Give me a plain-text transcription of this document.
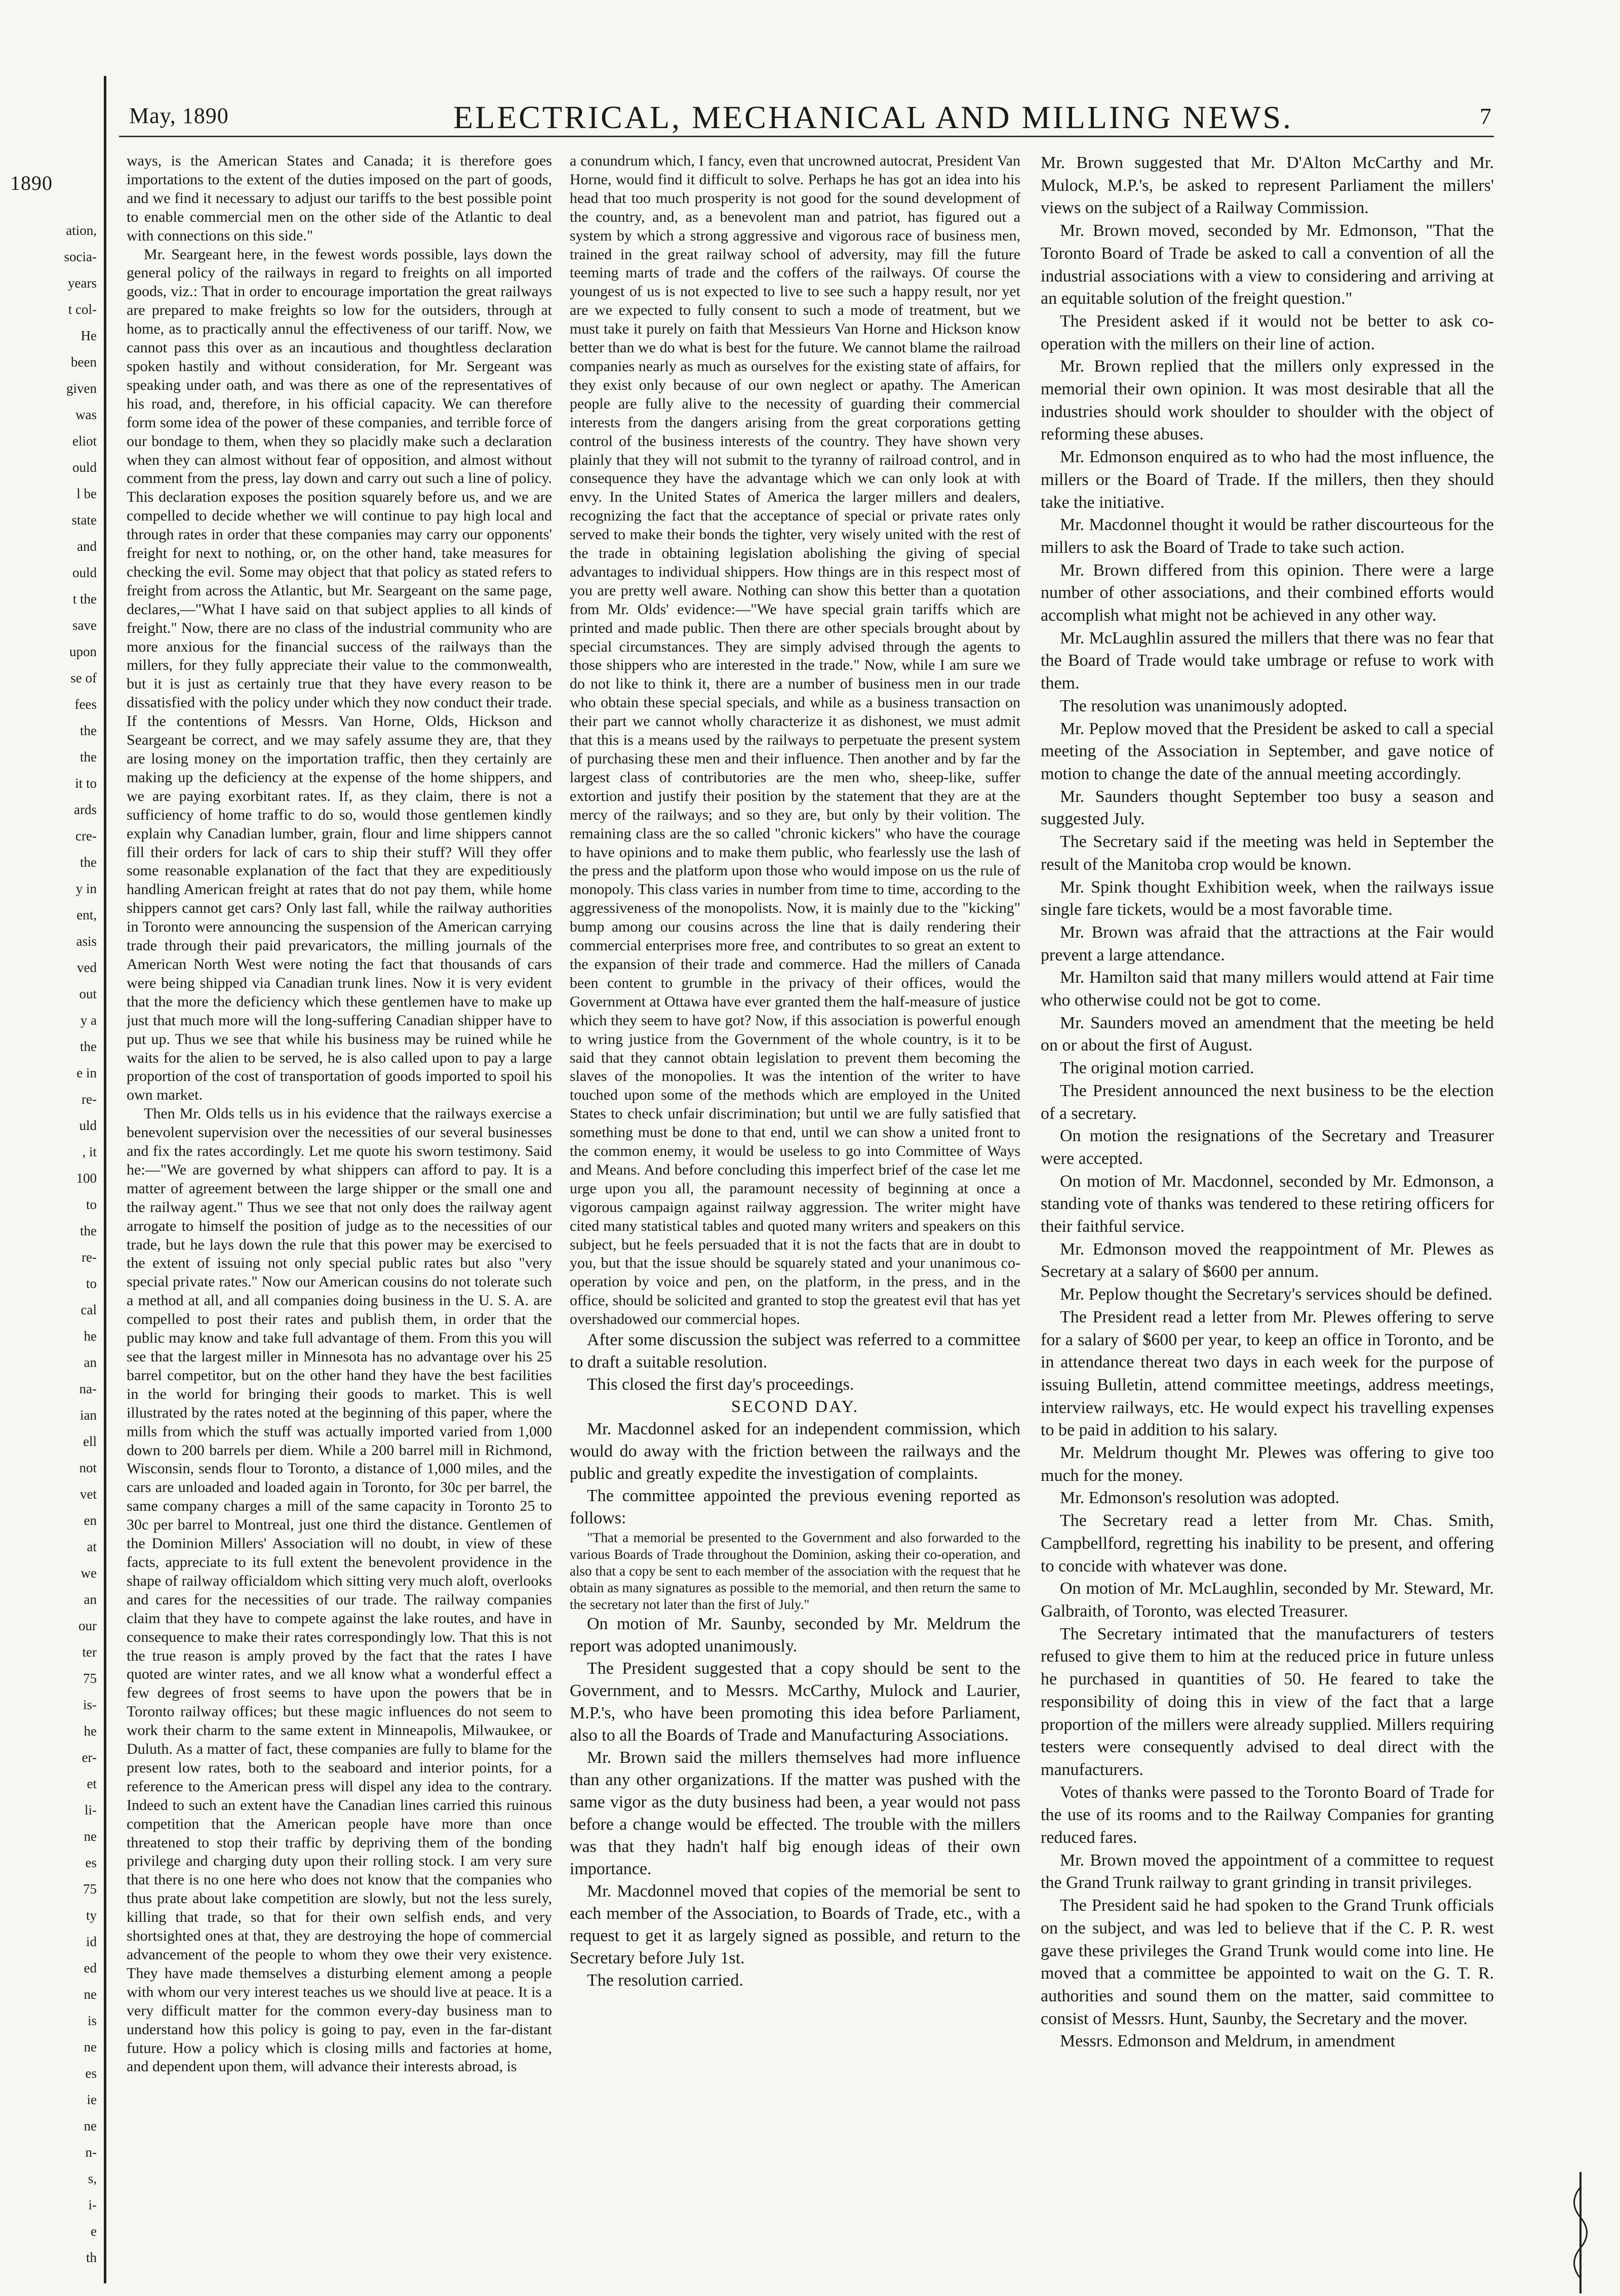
1890
ation,
socia-
years
t col-
He
been
given
was
eliot
ould
l be
state
and
ould
t the
save
upon
se of
fees
the
the
it to
ards
cre-
the
y in
ent,
asis
ved
out
y a
the
e in
re-
uld
, it
100
to
the
re-
to
cal
he
an
na-
ian
ell
not
vet
en
at
we
an
our
ter
75
is-
he
er-
et
li-
ne
es
75
ty
id
ed
ne
is
ne
es
ie
ne
n-
s,
i-
e
th
May, 1890	ELECTRICAL, MECHANICAL AND MILLING NEWS.	7

ways, is the American States and Canada; it is therefore goes importations to the extent of the duties imposed on the part of goods, and we find it necessary to adjust our tariffs to the best possible point to enable commercial men on the other side of the Atlantic to deal with connections on this side."

Mr. Seargeant here, in the fewest words possible, lays down the general policy of the railways in regard to freights on all imported goods, viz.: That in order to encourage importation the great railways are prepared to make freights so low for the outsiders, through at home, as to practically annul the effectiveness of our tariff. Now, we cannot pass this over as an incautious and thoughtless declaration spoken hastily and without consideration, for Mr. Sergeant was speaking under oath, and was there as one of the representatives of his road, and, therefore, in his official capacity. We can therefore form some idea of the power of these companies, and terrible force of our bondage to them, when they so placidly make such a declaration when they can almost without fear of opposition, and almost without comment from the press, lay down and carry out such a line of policy. This declaration exposes the position squarely before us, and we are compelled to decide whether we will continue to pay high local and through rates in order that these companies may carry our opponents' freight for next to nothing, or, on the other hand, take measures for checking the evil. Some may object that that policy as stated refers to freight from across the Atlantic, but Mr. Seargeant on the same page, declares,—"What I have said on that subject applies to all kinds of freight." Now, there are no class of the industrial community who are more anxious for the financial success of the railways than the millers, for they fully appreciate their value to the commonwealth, but it is just as certainly true that they have every reason to be dissatisfied with the policy under which they now conduct their trade. If the contentions of Messrs. Van Horne, Olds, Hickson and Seargeant be correct, and we may safely assume they are, that they are losing money on the importation traffic, then they certainly are making up the deficiency at the expense of the home shippers, and we are paying exorbitant rates. If, as they claim, there is not a sufficiency of home traffic to do so, would those gentlemen kindly explain why Canadian lumber, grain, flour and lime shippers cannot fill their orders for lack of cars to ship their stuff? Will they offer some reasonable explanation of the fact that they are expeditiously handling American freight at rates that do not pay them, while home shippers cannot get cars? Only last fall, while the railway authorities in Toronto were announcing the suspension of the American carrying trade through their paid prevaricators, the milling journals of the American North West were noting the fact that thousands of cars were being shipped via Canadian trunk lines. Now it is very evident that the more the deficiency which these gentlemen have to make up just that much more will the long-suffering Canadian shipper have to put up. Thus we see that while his business may be ruined while he waits for the alien to be served, he is also called upon to pay a large proportion of the cost of transportation of goods imported to spoil his own market.

Then Mr. Olds tells us in his evidence that the railways exercise a benevolent supervision over the necessities of our several businesses and fix the rates accordingly. Let me quote his sworn testimony. Said he:—"We are governed by what shippers can afford to pay. It is a matter of agreement between the large shipper or the small one and the railway agent." Thus we see that not only does the railway agent arrogate to himself the position of judge as to the necessities of our trade, but he lays down the rule that this power may be exercised to the extent of issuing not only special public rates but also "very special private rates." Now our American cousins do not tolerate such a method at all, and all companies doing business in the U. S. A. are compelled to post their rates and publish them, in order that the public may know and take full advantage of them. From this you will see that the largest miller in Minnesota has no advantage over his 25 barrel competitor, but on the other hand they have the best facilities in the world for bringing their goods to market. This is well illustrated by the rates noted at the beginning of this paper, where the mills from which the stuff was actually imported varied from 1,000 down to 200 barrels per diem. While a 200 barrel mill in Richmond, Wisconsin, sends flour to Toronto, a distance of 1,000 miles, and the cars are unloaded and loaded again in Toronto, for 30c per barrel, the same company charges a mill of the same capacity in Toronto 25 to 30c per barrel to Montreal, just one third the distance. Gentlemen of the Dominion Millers' Association will no doubt, in view of these facts, appreciate to its full extent the benevolent providence in the shape of railway officialdom which sitting very much aloft, overlooks and cares for the necessities of our trade. The railway companies claim that they have to compete against the lake routes, and have in consequence to make their rates correspondingly low. That this is not the true reason is amply proved by the fact that the rates I have quoted are winter rates, and we all know what a wonderful effect a few degrees of frost seems to have upon the powers that be in Toronto railway offices; but these magic influences do not seem to work their charm to the same extent in Minneapolis, Milwaukee, or Duluth. As a matter of fact, these companies are fully to blame for the present low rates, both to the seaboard and interior points, for a reference to the American press will dispel any idea to the contrary. Indeed to such an extent have the Canadian lines carried this ruinous competition that the American people have more than once threatened to stop their traffic by depriving them of the bonding privilege and charging duty upon their rolling stock. I am very sure that there is no one here who does not know that the companies who thus prate about lake competition are slowly, but not the less surely, killing that trade, so that for their own selfish ends, and very shortsighted ones at that, they are destroying the hope of commercial advancement of the people to whom they owe their very existence. They have made themselves a disturbing element among a people with whom our very interest teaches us we should live at peace. It is a very difficult matter for the common every-day business man to understand how this policy is going to pay, even in the far-distant future. How a policy which is closing mills and factories at home, and dependent upon them, will advance their interests abroad, is

a conundrum which, I fancy, even that uncrowned autocrat, President Van Horne, would find it difficult to solve. Perhaps he has got an idea into his head that too much prosperity is not good for the sound development of the country, and, as a benevolent man and patriot, has figured out a system by which a strong aggressive and vigorous race of business men, trained in the great railway school of adversity, may fill the future teeming marts of trade and the coffers of the railways. Of course the youngest of us is not expected to live to see such a happy result, nor yet are we expected to fully consent to such a mode of treatment, but we must take it purely on faith that Messieurs Van Horne and Hickson know better than we do what is best for the future. We cannot blame the railroad companies nearly as much as ourselves for the existing state of affairs, for they exist only because of our own neglect or apathy. The American people are fully alive to the necessity of guarding their commercial interests from the dangers arising from the great corporations getting control of the business interests of the country. They have shown very plainly that they will not submit to the tyranny of railroad control, and in consequence they have the advantage which we can only look at with envy. In the United States of America the larger millers and dealers, recognizing the fact that the acceptance of special or private rates only served to make their bonds the tighter, very wisely united with the rest of the trade in obtaining legislation abolishing the giving of special advantages to individual shippers. How things are in this respect most of you are pretty well aware. Nothing can show this better than a quotation from Mr. Olds' evidence:—"We have special grain tariffs which are printed and made public. Then there are other specials brought about by special circumstances. They are simply advised through the agents to those shippers who are interested in the trade." Now, while I am sure we do not like to think it, there are a number of business men in our trade who obtain these special specials, and while as a business transaction on their part we cannot wholly characterize it as dishonest, we must admit that this is a means used by the railways to perpetuate the present system of purchasing these men and their influence. Then another and by far the largest class of contributories are the men who, sheep-like, suffer extortion and justify their position by the statement that they are at the mercy of the railways; and so they are, but only by their volition. The remaining class are the so called "chronic kickers" who have the courage to have opinions and to make them public, who fearlessly use the lash of the press and the platform upon those who would impose on us the rule of monopoly. This class varies in number from time to time, according to the aggressiveness of the monopolists. Now, it is mainly due to the "kicking" bump among our cousins across the line that is daily rendering their commercial enterprises more free, and contributes to so great an extent to the expansion of their trade and commerce. Had the millers of Canada been content to grumble in the privacy of their offices, would the Government at Ottawa have ever granted them the half-measure of justice which they seem to have got? Now, if this association is powerful enough to wring justice from the Government of the whole country, is it to be said that they cannot obtain legislation to prevent them becoming the slaves of the monopolies. It was the intention of the writer to have touched upon some of the methods which are employed in the United States to check unfair discrimination; but until we are fully satisfied that something must be done to that end, until we can show a united front to the common enemy, it would be useless to go into Committee of Ways and Means. And before concluding this imperfect brief of the case let me urge upon you all, the paramount necessity of beginning at once a vigorous campaign against railway aggression. The writer might have cited many statistical tables and quoted many writers and speakers on this subject, but he feels persuaded that it is not the facts that are in doubt to you, but that the issue should be squarely stated and your unanimous co-operation by voice and pen, on the platform, in the press, and in the office, should be solicited and granted to stop the greatest evil that has yet overshadowed our commercial hopes.

After some discussion the subject was referred to a committee to draft a suitable resolution.

This closed the first day's proceedings.

SECOND DAY.

Mr. Macdonnel asked for an independent commission, which would do away with the friction between the railways and the public and greatly expedite the investigation of complaints.

The committee appointed the previous evening reported as follows:

"That a memorial be presented to the Government and also forwarded to the various Boards of Trade throughout the Dominion, asking their co-operation, and also that a copy be sent to each member of the association with the request that he obtain as many signatures as possible to the memorial, and then return the same to the secretary not later than the first of July."

On motion of Mr. Saunby, seconded by Mr. Meldrum the report was adopted unanimously.

The President suggested that a copy should be sent to the Government, and to Messrs. McCarthy, Mulock and Laurier, M.P.'s, who have been promoting this idea before Parliament, also to all the Boards of Trade and Manufacturing Associations.

Mr. Brown said the millers themselves had more influence than any other organizations. If the matter was pushed with the same vigor as the duty business had been, a year would not pass before a change would be effected. The trouble with the millers was that they hadn't half big enough ideas of their own importance.

Mr. Macdonnel moved that copies of the memorial be sent to each member of the Association, to Boards of Trade, etc., with a request to get it as largely signed as possible, and return to the Secretary before July 1st.

The resolution carried.

Mr. Brown suggested that Mr. D'Alton McCarthy and Mr. Mulock, M.P.'s, be asked to represent Parliament the millers' views on the subject of a Railway Commission.

Mr. Brown moved, seconded by Mr. Edmonson, "That the Toronto Board of Trade be asked to call a convention of all the industrial associations with a view to considering and arriving at an equitable solution of the freight question."

The President asked if it would not be better to ask co-operation with the millers on their line of action.

Mr. Brown replied that the millers only expressed in the memorial their own opinion. It was most desirable that all the industries should work shoulder to shoulder with the object of reforming these abuses.

Mr. Edmonson enquired as to who had the most influence, the millers or the Board of Trade. If the millers, then they should take the initiative.

Mr. Macdonnel thought it would be rather discourteous for the millers to ask the Board of Trade to take such action.

Mr. Brown differed from this opinion. There were a large number of other associations, and their combined efforts would accomplish what might not be achieved in any other way.

Mr. McLaughlin assured the millers that there was no fear that the Board of Trade would take umbrage or refuse to work with them.

The resolution was unanimously adopted.

Mr. Peplow moved that the President be asked to call a special meeting of the Association in September, and gave notice of motion to change the date of the annual meeting accordingly.

Mr. Saunders thought September too busy a season and suggested July.

The Secretary said if the meeting was held in September the result of the Manitoba crop would be known.

Mr. Spink thought Exhibition week, when the railways issue single fare tickets, would be a most favorable time.

Mr. Brown was afraid that the attractions at the Fair would prevent a large attendance.

Mr. Hamilton said that many millers would attend at Fair time who otherwise could not be got to come.

Mr. Saunders moved an amendment that the meeting be held on or about the first of August.

The original motion carried.

The President announced the next business to be the election of a secretary.

On motion the resignations of the Secretary and Treasurer were accepted.

On motion of Mr. Macdonnel, seconded by Mr. Edmonson, a standing vote of thanks was tendered to these retiring officers for their faithful service.

Mr. Edmonson moved the reappointment of Mr. Plewes as Secretary at a salary of $600 per annum.

Mr. Peplow thought the Secretary's services should be defined.

The President read a letter from Mr. Plewes offering to serve for a salary of $600 per year, to keep an office in Toronto, and be in attendance thereat two days in each week for the purpose of issuing Bulletin, attend committee meetings, address meetings, interview railways, etc. He would expect his travelling expenses to be paid in addition to his salary.

Mr. Meldrum thought Mr. Plewes was offering to give too much for the money.

Mr. Edmonson's resolution was adopted.

The Secretary read a letter from Mr. Chas. Smith, Campbellford, regretting his inability to be present, and offering to concide with whatever was done.

On motion of Mr. McLaughlin, seconded by Mr. Steward, Mr. Galbraith, of Toronto, was elected Treasurer.

The Secretary intimated that the manufacturers of testers refused to give them to him at the reduced price in future unless he purchased in quantities of 50. He feared to take the responsibility of doing this in view of the fact that a large proportion of the millers were already supplied. Millers requiring testers were consequently advised to deal direct with the manufacturers.

Votes of thanks were passed to the Toronto Board of Trade for the use of its rooms and to the Railway Companies for granting reduced fares.

Mr. Brown moved the appointment of a committee to request the Grand Trunk railway to grant grinding in transit privileges.

The President said he had spoken to the Grand Trunk officials on the subject, and was led to believe that if the C. P. R. west gave these privileges the Grand Trunk would come into line. He moved that a committee be appointed to wait on the G. T. R. authorities and sound them on the matter, said committee to consist of Messrs. Hunt, Saunby, the Secretary and the mover.

Messrs. Edmonson and Meldrum, in amendment
